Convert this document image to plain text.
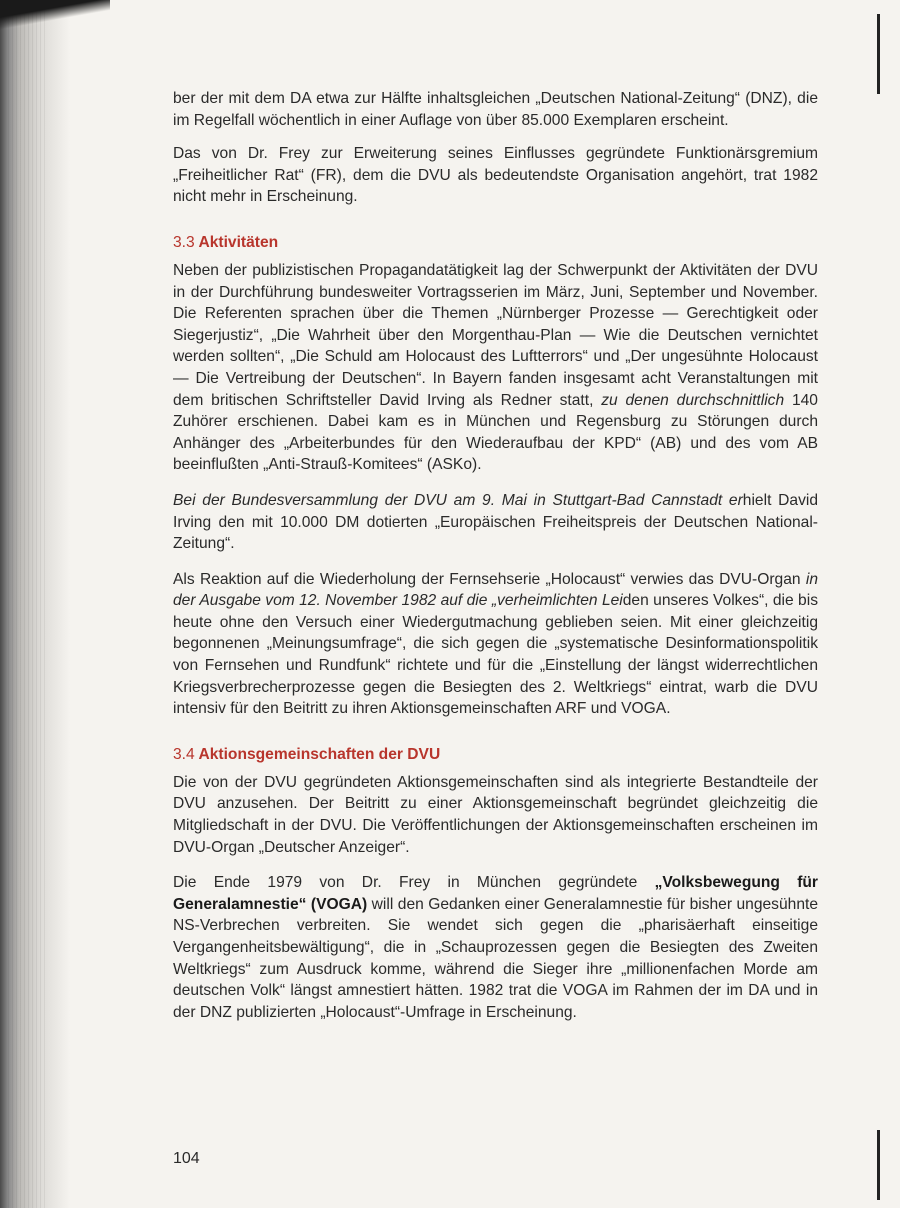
ber der mit dem DA etwa zur Hälfte inhaltsgleichen „Deutschen National-Zeitung“ (DNZ), die im Regelfall wöchentlich in einer Auflage von über 85.000 Exemplaren erscheint.

Das von Dr. Frey zur Erweiterung seines Einflusses gegründete Funktionärsgremium „Freiheitlicher Rat“ (FR), dem die DVU als bedeutendste Organisation angehört, trat 1982 nicht mehr in Erscheinung.

3.3 Aktivitäten

Neben der publizistischen Propagandatätigkeit lag der Schwerpunkt der Aktivitäten der DVU in der Durchführung bundesweiter Vortragsserien im März, Juni, September und November. Die Referenten sprachen über die Themen „Nürnberger Prozesse — Gerechtigkeit oder Siegerjustiz“, „Die Wahrheit über den Morgenthau-Plan — Wie die Deutschen vernichtet werden sollten“, „Die Schuld am Holocaust des Luftterrors“ und „Der ungesühnte Holocaust — Die Vertreibung der Deutschen“. In Bayern fanden insgesamt acht Veranstaltungen mit dem britischen Schriftsteller David Irving als Redner statt, zu denen durchschnittlich 140 Zuhörer erschienen. Dabei kam es in München und Regensburg zu Störungen durch Anhänger des „Arbeiterbundes für den Wiederaufbau der KPD“ (AB) und des vom AB beeinflußten „Anti-Strauß-Komitees“ (ASKo).

Bei der Bundesversammlung der DVU am 9. Mai in Stuttgart-Bad Cannstadt erhielt David Irving den mit 10.000 DM dotierten „Europäischen Freiheitspreis der Deutschen National-Zeitung“.

Als Reaktion auf die Wiederholung der Fernsehserie „Holocaust“ verwies das DVU-Organ in der Ausgabe vom 12. November 1982 auf die „verheimlichten Leiden unseres Volkes“, die bis heute ohne den Versuch einer Wiedergutmachung geblieben seien. Mit einer gleichzeitig begonnenen „Meinungsumfrage“, die sich gegen die „systematische Desinformationspolitik von Fernsehen und Rundfunk“ richtete und für die „Einstellung der längst widerrechtlichen Kriegsverbrecherprozesse gegen die Besiegten des 2. Weltkriegs“ eintrat, warb die DVU intensiv für den Beitritt zu ihren Aktionsgemeinschaften ARF und VOGA.

3.4 Aktionsgemeinschaften der DVU

Die von der DVU gegründeten Aktionsgemeinschaften sind als integrierte Bestandteile der DVU anzusehen. Der Beitritt zu einer Aktionsgemeinschaft begründet gleichzeitig die Mitgliedschaft in der DVU. Die Veröffentlichungen der Aktionsgemeinschaften erscheinen im DVU-Organ „Deutscher Anzeiger“.

Die Ende 1979 von Dr. Frey in München gegründete „Volksbewegung für Generalamnestie“ (VOGA) will den Gedanken einer Generalamnestie für bisher ungesühnte NS-Verbrechen verbreiten. Sie wendet sich gegen die „pharisäerhaft einseitige Vergangenheitsbewältigung“, die in „Schauprozessen gegen die Besiegten des Zweiten Weltkriegs“ zum Ausdruck komme, während die Sieger ihre „millionenfachen Morde am deutschen Volk“ längst amnestiert hätten. 1982 trat die VOGA im Rahmen der im DA und in der DNZ publizierten „Holocaust“-Umfrage in Erscheinung.

104
